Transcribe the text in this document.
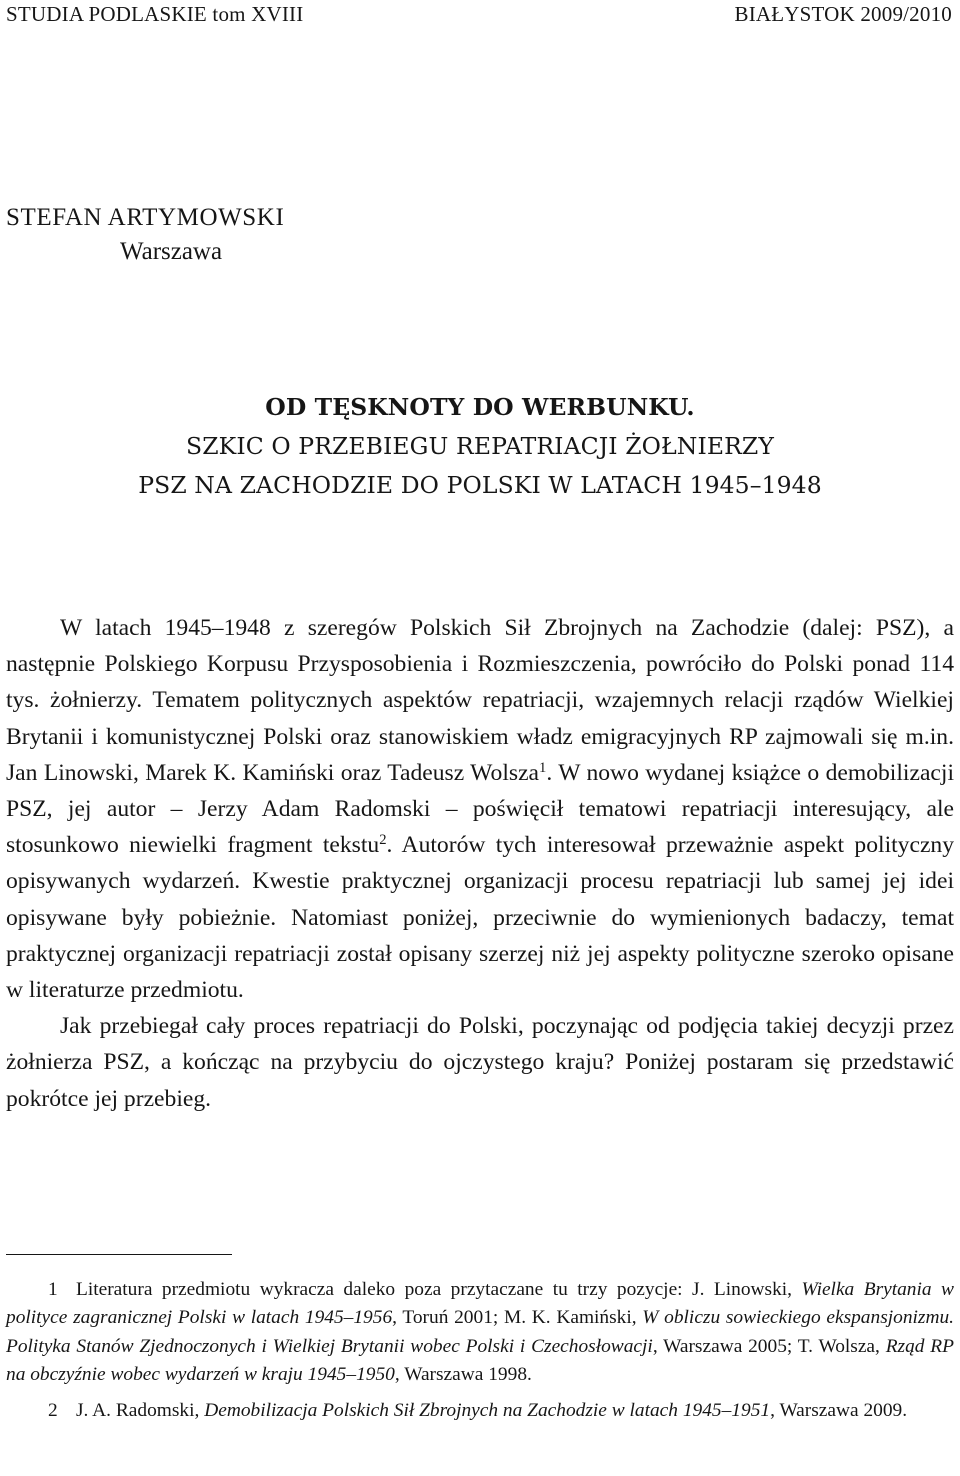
STUDIA PODLASKIE tom XVIII	BIAŁYSTOK 2009/2010
STEFAN ARTYMOWSKI
Warszawa
OD TĘSKNOTY DO WERBUNKU.
SZKIC O PRZEBIEGU REPATRIACJI ŻOŁNIERZY
PSZ NA ZACHODZIE DO POLSKI W LATACH 1945–1948

W latach 1945–1948 z szeregów Polskich Sił Zbrojnych na Zachodzie (dalej: PSZ), a następnie Polskiego Korpusu Przysposobienia i Rozmieszczenia, powróciło do Polski ponad 114 tys. żołnierzy. Tematem politycznych aspektów repatriacji, wzajemnych relacji rządów Wielkiej Brytanii i komunistycznej Polski oraz stanowiskiem władz emigracyjnych RP zajmowali się m.in. Jan Linowski, Marek K. Kamiński oraz Tadeusz Wolsza$^1$. W nowo wydanej książce o demobilizacji PSZ, jej autor – Jerzy Adam Radomski – poświęcił tematowi repatriacji interesujący, ale stosunkowo niewielki fragment tekstu$^2$. Autorów tych interesował przeważnie aspekt polityczny opisywanych wydarzeń. Kwestie praktycznej organizacji procesu repatriacji lub samej jej idei opisywane były pobieżnie. Natomiast poniżej, przeciwnie do wymienionych badaczy, temat praktycznej organizacji repatriacji został opisany szerzej niż jej aspekty polityczne szeroko opisane w literaturze przedmiotu.

Jak przebiegał cały proces repatriacji do Polski, poczynając od podjęcia takiej decyzji przez żołnierza PSZ, a kończąc na przybyciu do ojczystego kraju? Poniżej postaram się przedstawić pokrótce jej przebieg.

1 Literatura przedmiotu wykracza daleko poza przytaczane tu trzy pozycje: J. Linowski, Wielka Brytania w polityce zagranicznej Polski w latach 1945–1956, Toruń 2001; M. K. Kamiński, W obliczu sowieckiego ekspansjonizmu. Polityka Stanów Zjednoczonych i Wielkiej Brytanii wobec Polski i Czechosłowacji, Warszawa 2005; T. Wolsza, Rząd RP na obczyźnie wobec wydarzeń w kraju 1945–1950, Warszawa 1998.

2 J. A. Radomski, Demobilizacja Polskich Sił Zbrojnych na Zachodzie w latach 1945–1951, Warszawa 2009.
